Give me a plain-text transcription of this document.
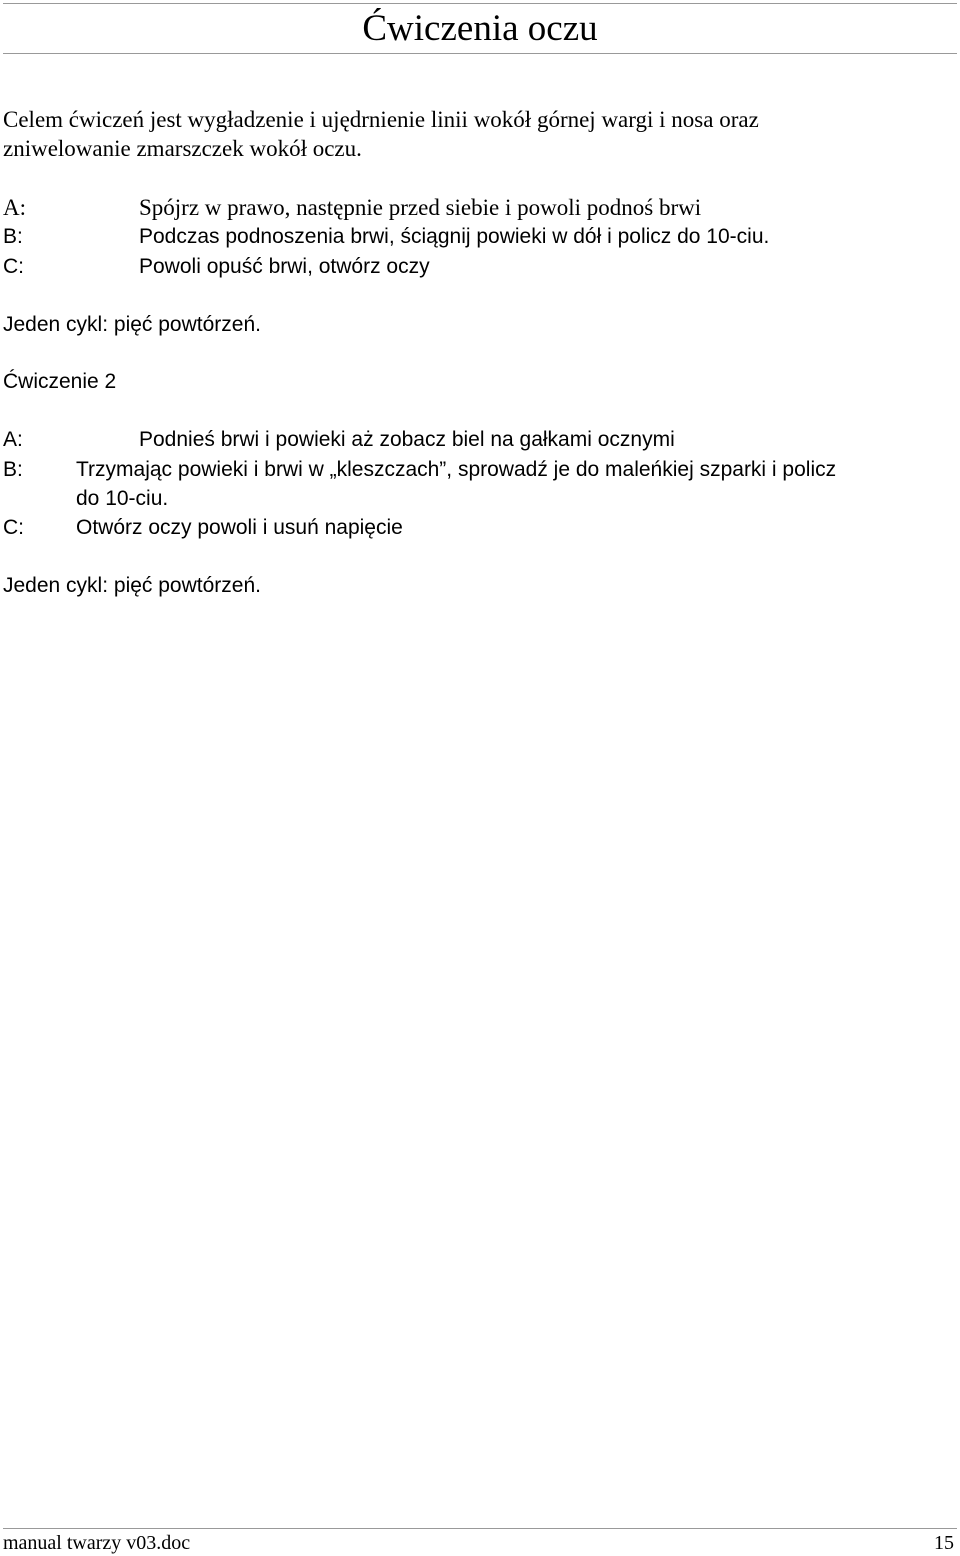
Ćwiczenia oczu
Celem ćwiczeń jest wygładzenie i ujędrnienie linii wokół górnej wargi i nosa oraz
zniwelowanie zmarszczek wokół oczu.
A:	Spójrz w prawo, następnie przed siebie i powoli podnoś brwi
B:	Podczas podnoszenia brwi, ściągnij powieki w dół i policz do 10-ciu.
C:	Powoli opuść brwi, otwórz oczy
Jeden cykl: pięć powtórzeń.
Ćwiczenie 2
A:	Podnieś brwi i powieki aż zobacz biel na gałkami ocznymi
B:	Trzymając powieki i brwi w „kleszczach”, sprowadź je do maleńkiej szparki i policz
do 10-ciu.
C: Otwórz oczy powoli i usuń napięcie
Jeden cykl: pięć powtórzeń.
manual twarzy v03.doc	15
